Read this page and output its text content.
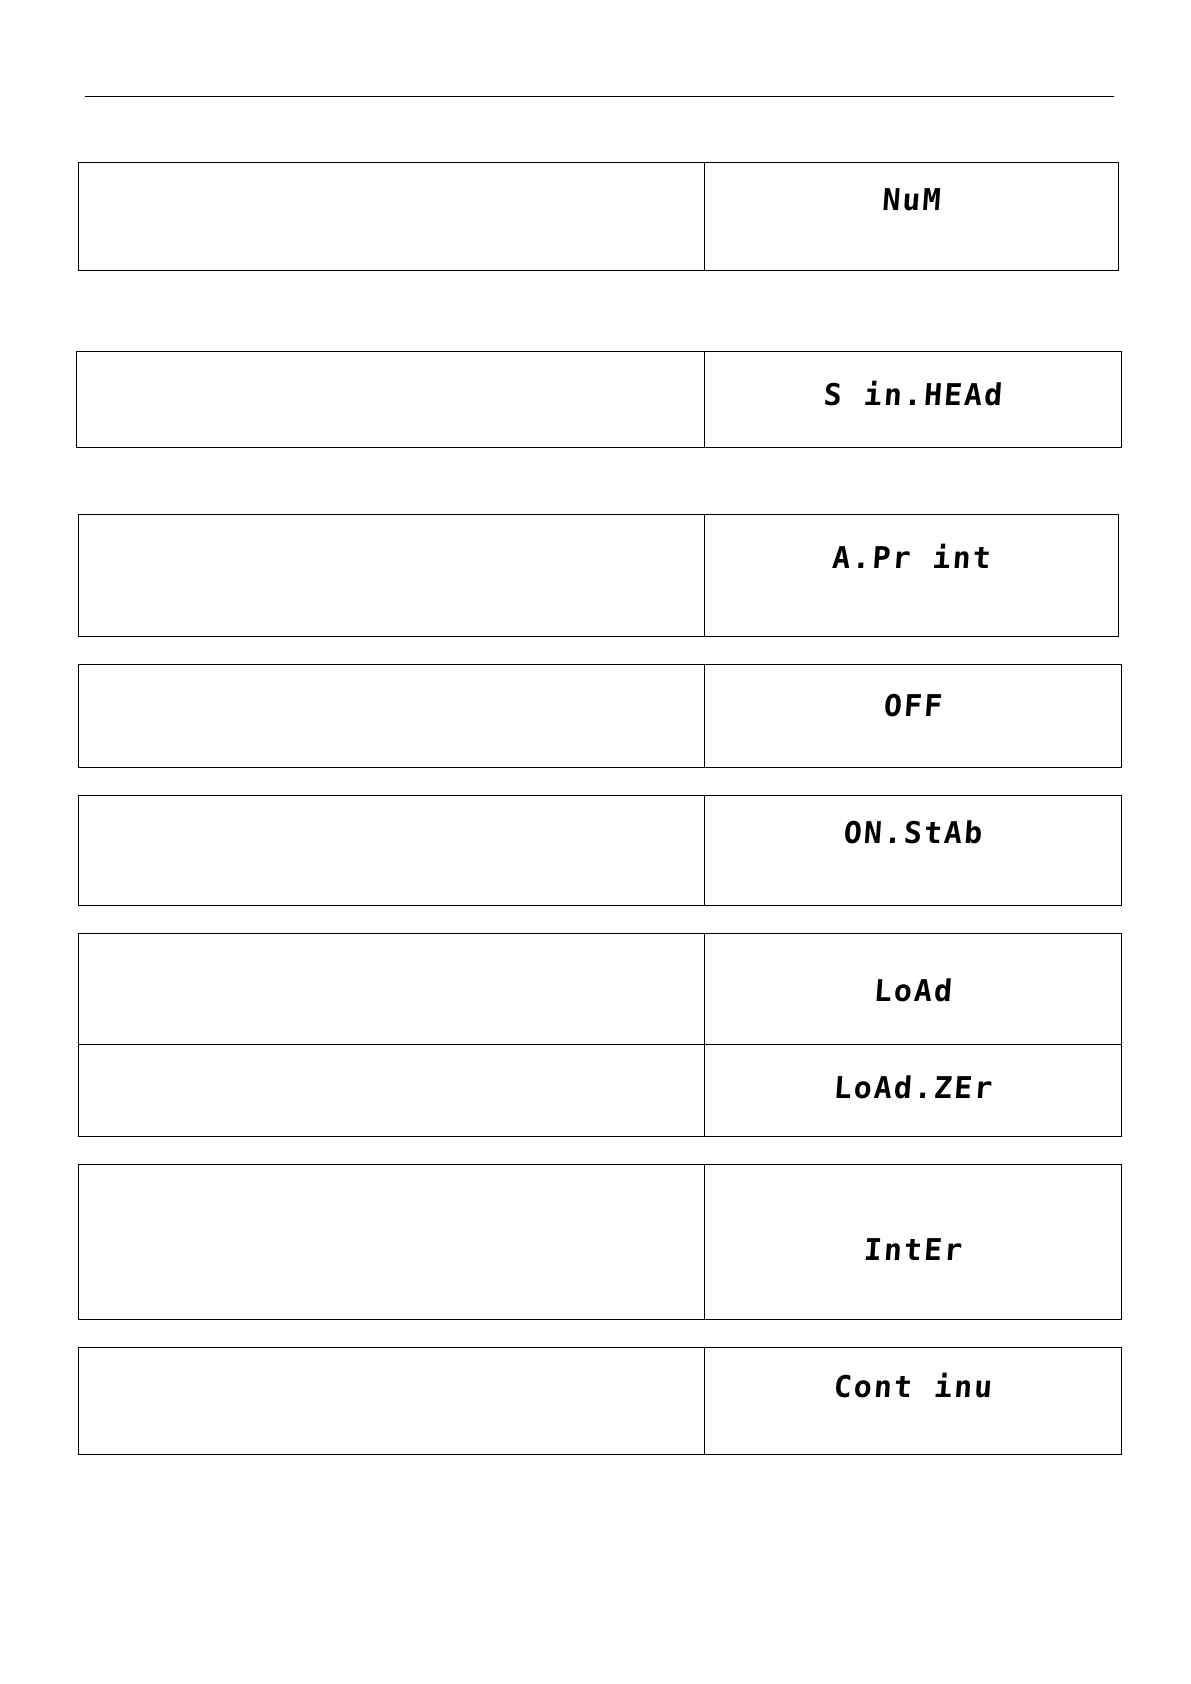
NuM
S in.HEAd
A.Pr int
OFF
ON.StAb
LoAd
LoAd.ZEr
IntEr
Cont inu
